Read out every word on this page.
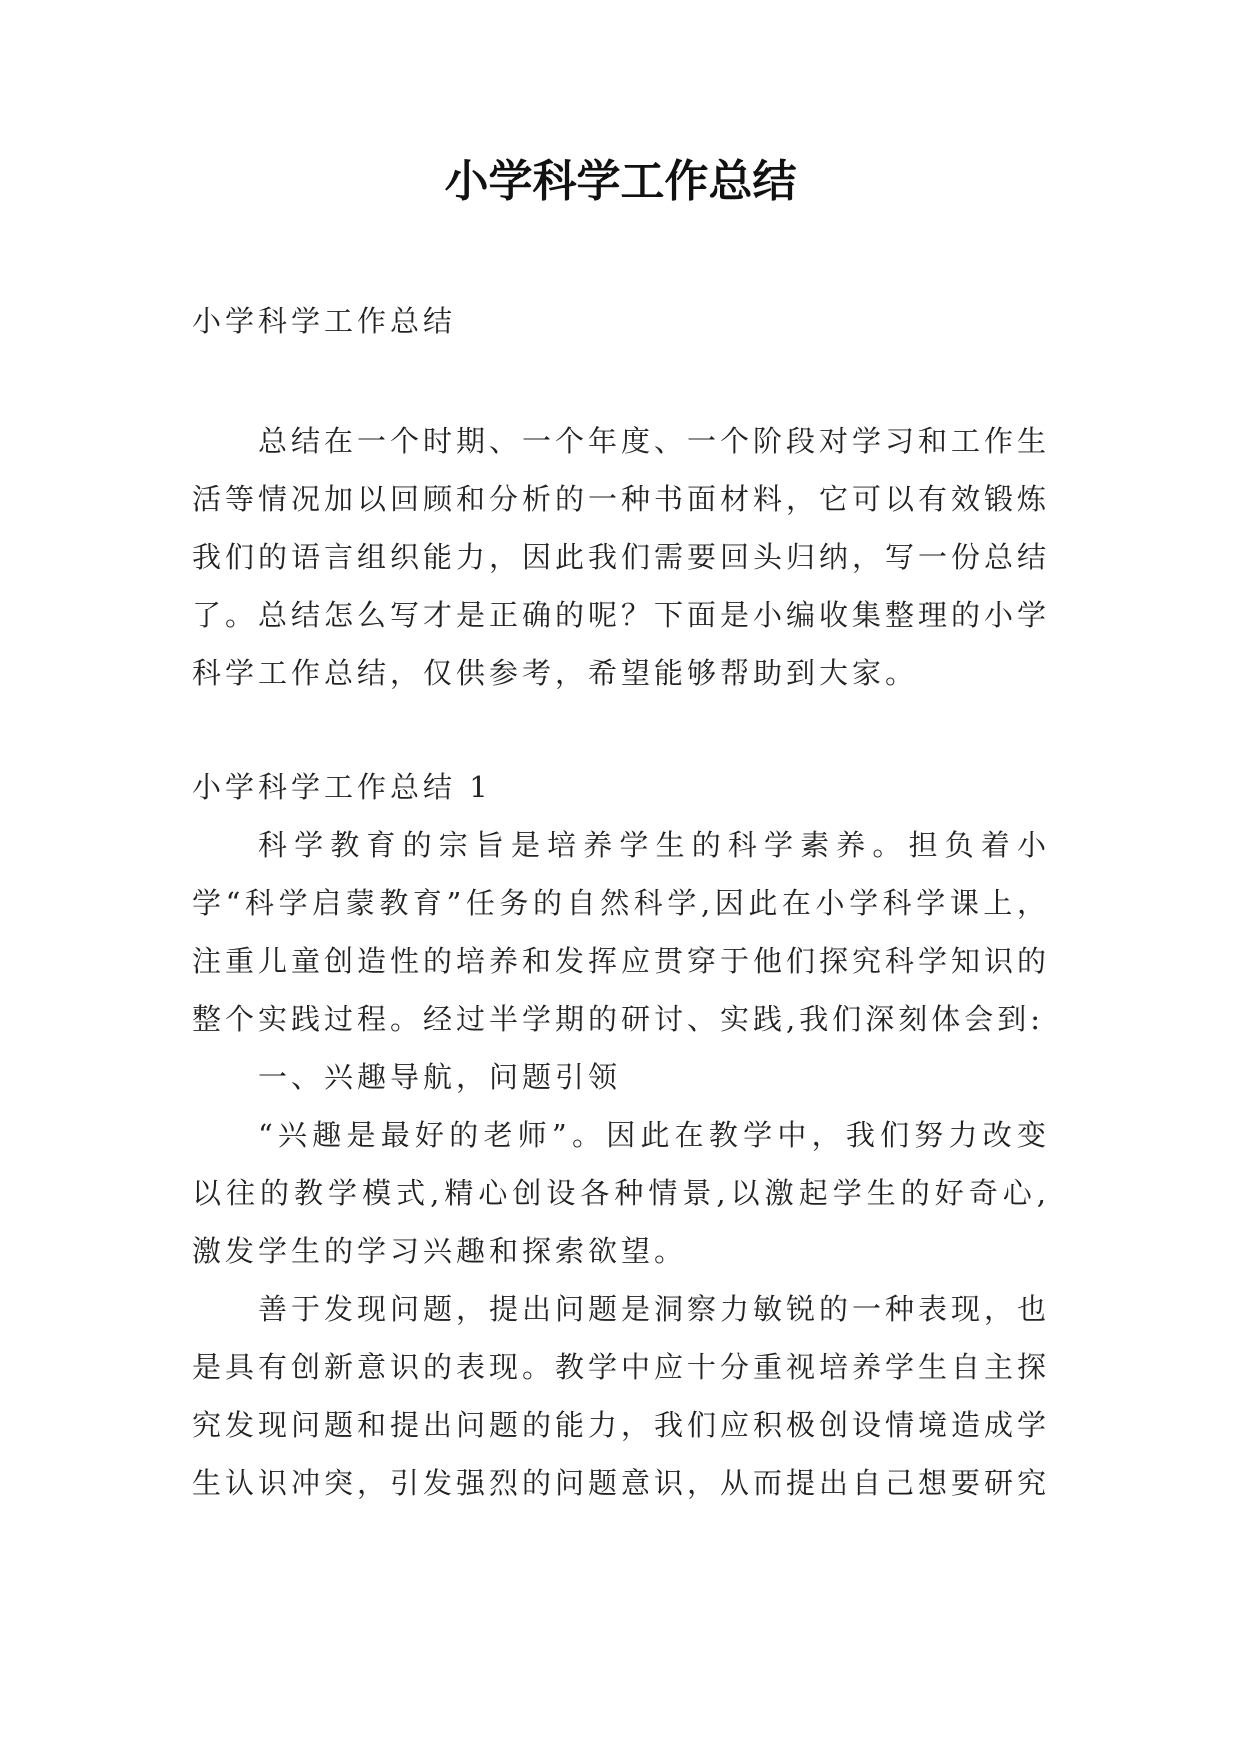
小学科学工作总结

小学科学工作总结

总结在一个时期、一个年度、一个阶段对学习和工作生活等情况加以回顾和分析的一种书面材料，它可以有效锻炼我们的语言组织能力，因此我们需要回头归纳，写一份总结了。总结怎么写才是正确的呢？下面是小编收集整理的小学科学工作总结，仅供参考，希望能够帮助到大家。

小学科学工作总结 1

科学教育的宗旨是培养学生的科学素养。担负着小学“科学启蒙教育”任务的自然科学,因此在小学科学课上，注重儿童创造性的培养和发挥应贯穿于他们探究科学知识的整个实践过程。经过半学期的研讨、实践,我们深刻体会到:

一、兴趣导航，问题引领

“兴趣是最好的老师”。因此在教学中，我们努力改变以往的教学模式,精心创设各种情景,以激起学生的好奇心,激发学生的学习兴趣和探索欲望。

善于发现问题，提出问题是洞察力敏锐的一种表现，也是具有创新意识的表现。教学中应十分重视培养学生自主探究发现问题和提出问题的能力，我们应积极创设情境造成学生认识冲突，引发强烈的问题意识，从而提出自己想要研究
